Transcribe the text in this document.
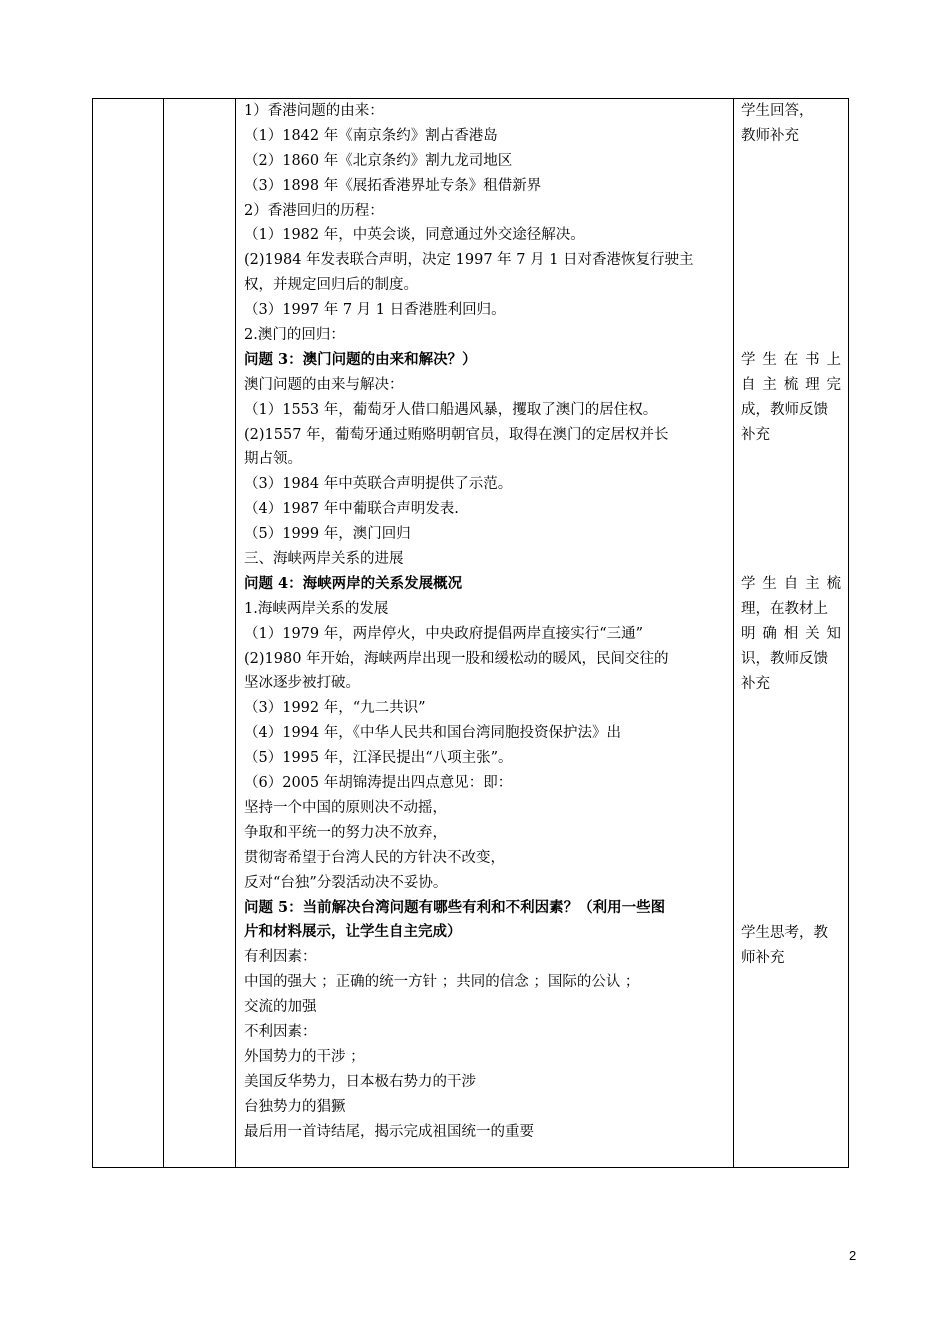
1）香港问题的由来：
（1）1842 年《南京条约》割占香港岛
（2）1860 年《北京条约》割九龙司地区
（3）1898 年《展拓香港界址专条》租借新界
2）香港回归的历程：
（1）1982 年，中英会谈，同意通过外交途径解决。
(2)1984 年发表联合声明，决定 1997 年 7 月 1 日对香港恢复行驶主
权，并规定回归后的制度。
（3）1997 年 7 月 1 日香港胜利回归。
2.澳门的回归：
问题 3：澳门问题的由来和解决？）
澳门问题的由来与解决：
（1）1553 年，葡萄牙人借口船遇风暴，攫取了澳门的居住权。
(2)1557 年，葡萄牙通过贿赂明朝官员，取得在澳门的定居权并长
期占领。
（3）1984 年中英联合声明提供了示范。
（4）1987 年中葡联合声明发表.
（5）1999 年，澳门回归
三、海峡两岸关系的进展
问题 4：海峡两岸的关系发展概况
1.海峡两岸关系的发展
（1）1979 年，两岸停火，中央政府提倡两岸直接实行“三通”
(2)1980 年开始，海峡两岸出现一股和缓松动的暖风，民间交往的
坚冰逐步被打破。
（3）1992 年，“九二共识”
（4）1994 年，《中华人民共和国台湾同胞投资保护法》出
（5）1995 年，江泽民提出“八项主张”。
（6）2005 年胡锦涛提出四点意见：即：
坚持一个中国的原则决不动摇，
争取和平统一的努力决不放弃，
贯彻寄希望于台湾人民的方针决不改变，
反对“台独”分裂活动决不妥协。
问题 5：当前解决台湾问题有哪些有利和不利因素？（利用一些图
片和材料展示，让学生自主完成）
有利因素：
中国的强大 ；正确的统一方针 ；共同的信念 ；国际的公认 ；
交流的加强
不利因素：
外国势力的干涉 ；
美国反华势力，日本极右势力的干涉
台独势力的猖獗
最后用一首诗结尾，揭示完成祖国统一的重要
学生回答，
教师补充
学生在书上
自主梳理完
成，教师反馈
补充
学生自主梳
理，在教材上
明确相关知
识，教师反馈
补充
学生思考，教
师补充
2
